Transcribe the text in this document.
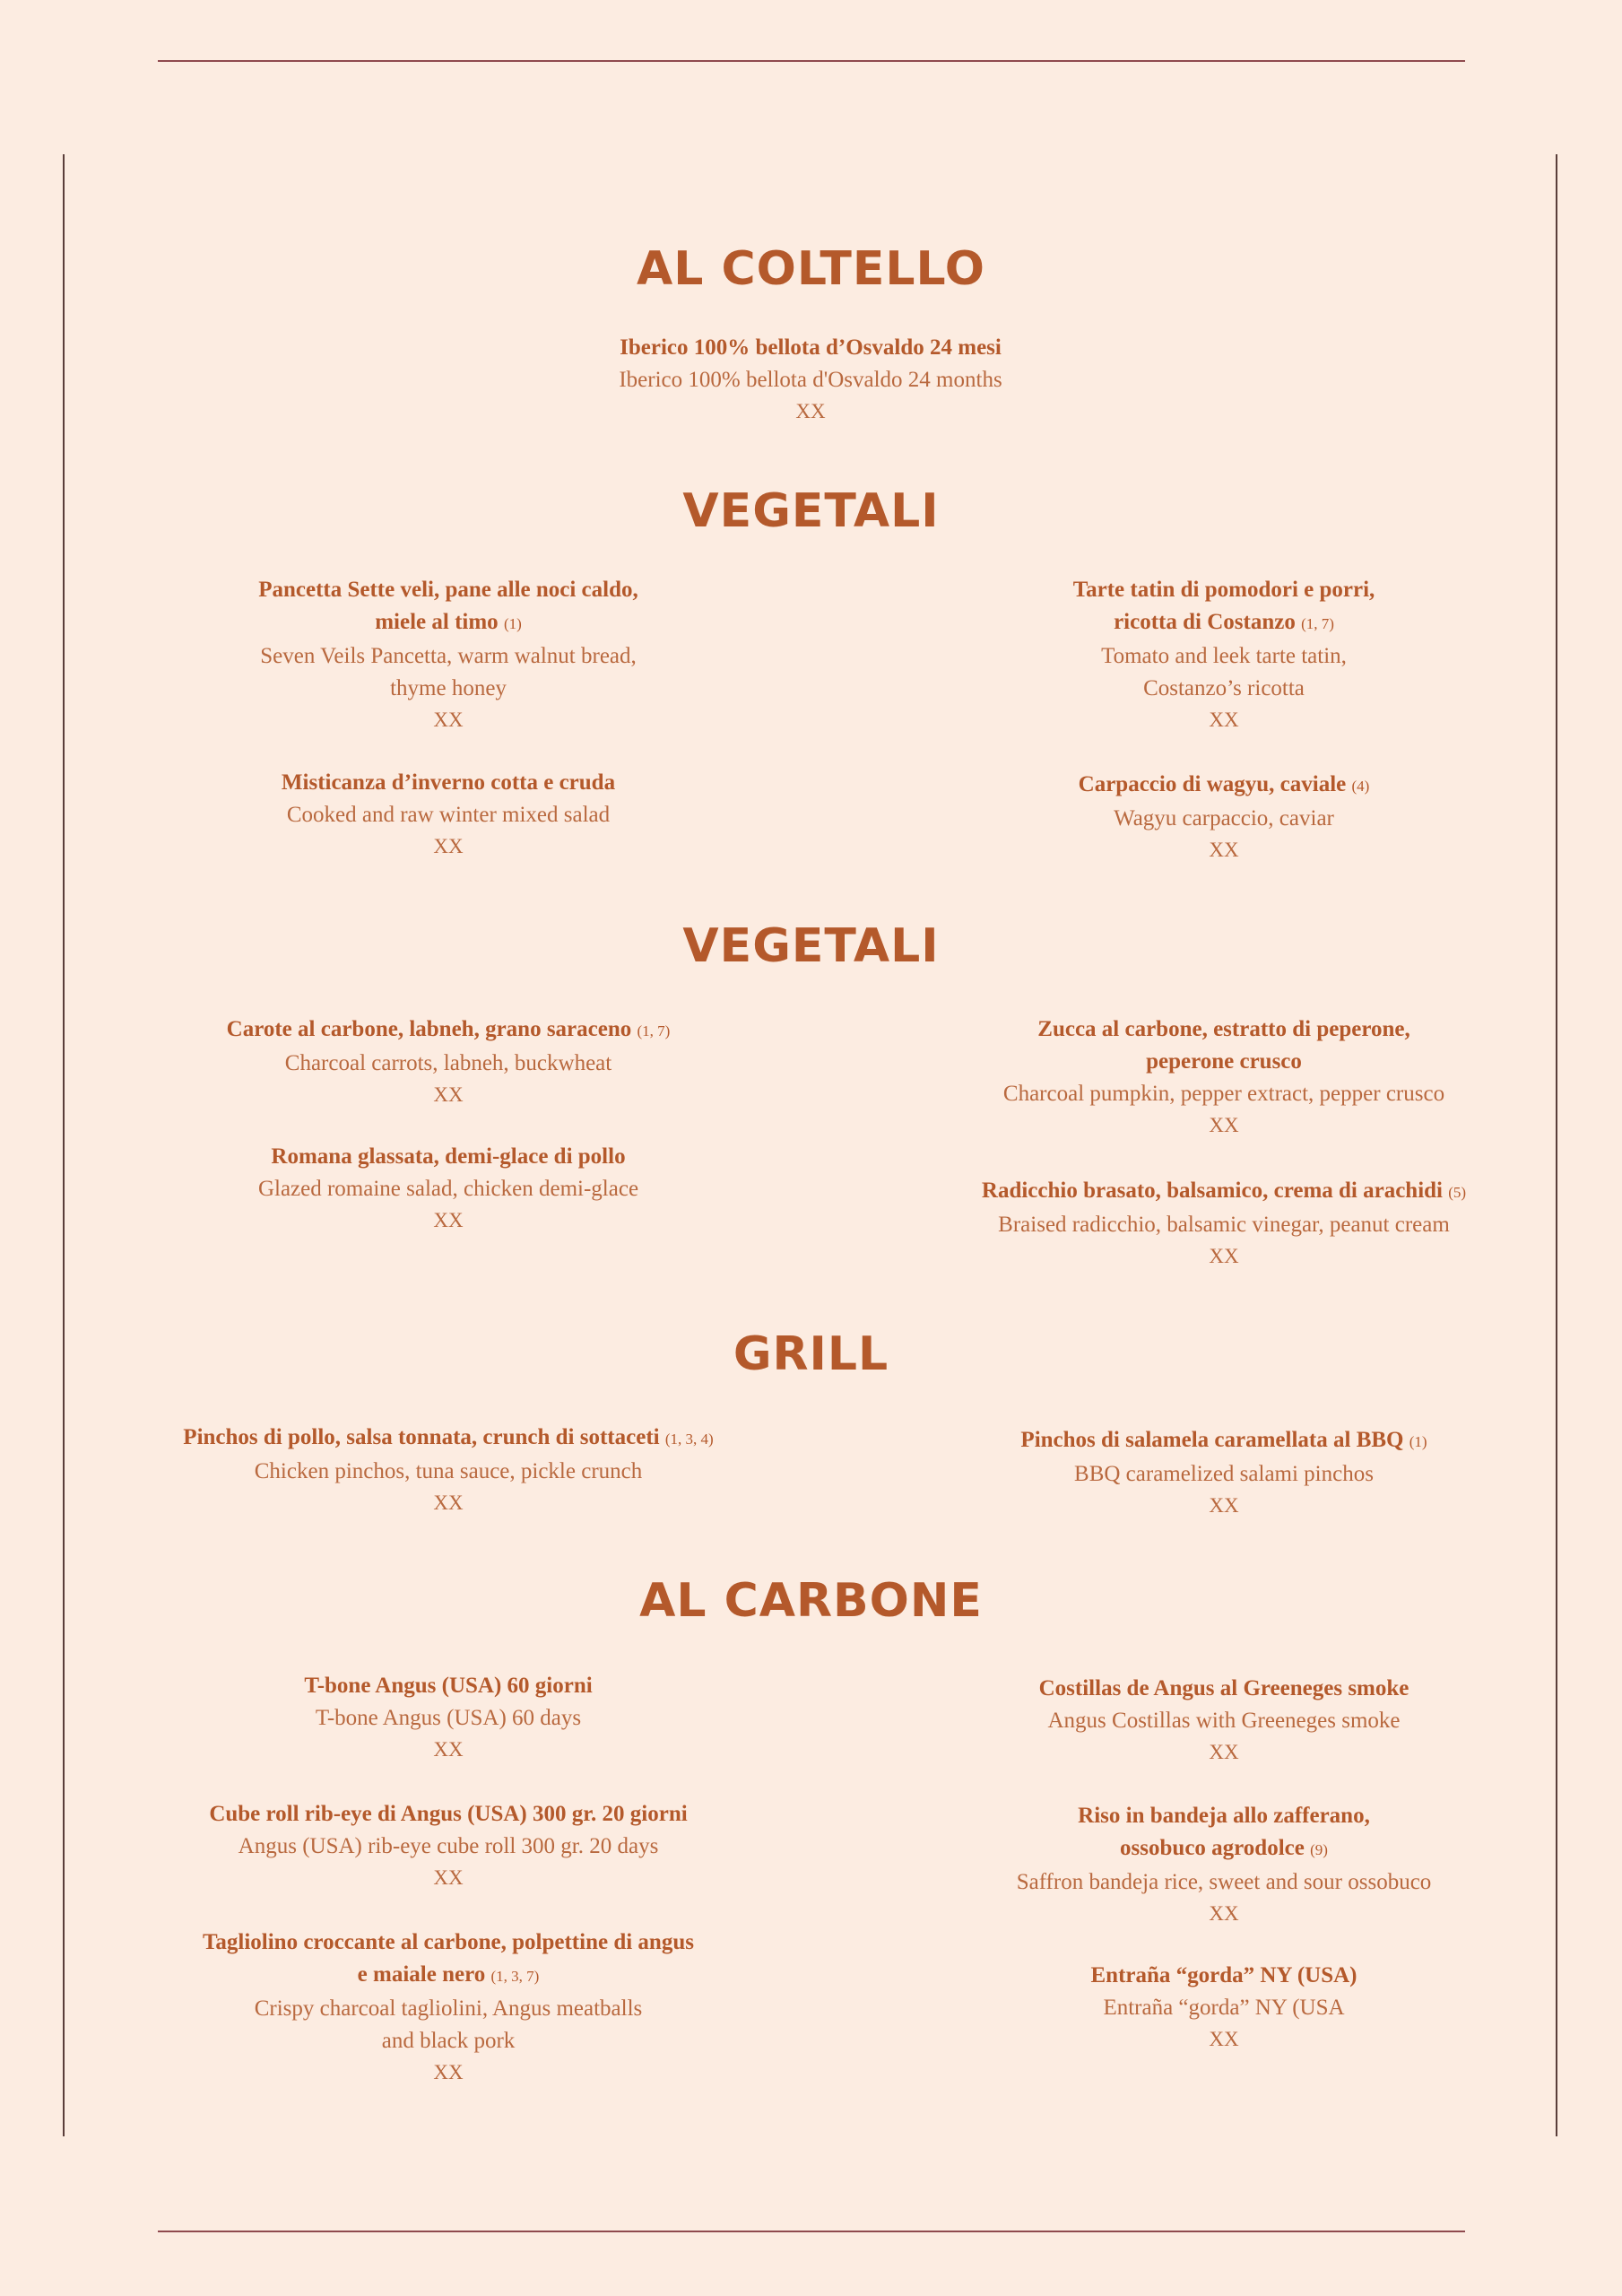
AL COLTELLO
Iberico 100% bellota d’Osvaldo 24 mesi
Iberico 100% bellota d'Osvaldo 24 months
XX
VEGETALI
Pancetta Sette veli, pane alle noci caldo,
miele al timo (1)
Seven Veils Pancetta, warm walnut bread,
thyme honey
XX
Tarte tatin di pomodori e porri,
ricotta di Costanzo (1, 7)
Tomato and leek tarte tatin,
Costanzo’s ricotta
XX
Misticanza d’inverno cotta e cruda
Cooked and raw winter mixed salad
XX
Carpaccio di wagyu, caviale (4)
Wagyu carpaccio, caviar
XX
VEGETALI
Carote al carbone, labneh, grano saraceno (1, 7)
Charcoal carrots, labneh, buckwheat
XX
Zucca al carbone, estratto di peperone,
peperone crusco
Charcoal pumpkin, pepper extract, pepper crusco
XX
Romana glassata, demi-glace di pollo
Glazed romaine salad, chicken demi-glace
XX
Radicchio brasato, balsamico, crema di arachidi (5)
Braised radicchio, balsamic vinegar, peanut cream
XX
GRILL
Pinchos di pollo, salsa tonnata, crunch di sottaceti (1, 3, 4)
Chicken pinchos, tuna sauce, pickle crunch
XX
Pinchos di salamela caramellata al BBQ (1)
BBQ caramelized salami pinchos
XX
AL CARBONE
T-bone Angus (USA) 60 giorni
T-bone Angus (USA) 60 days
XX
Costillas de Angus al Greeneges smoke
Angus Costillas with Greeneges smoke
XX
Cube roll rib-eye di Angus (USA) 300 gr. 20 giorni
Angus (USA) rib-eye cube roll 300 gr. 20 days
XX
Riso in bandeja allo zafferano,
ossobuco agrodolce (9)
Saffron bandeja rice, sweet and sour ossobuco
XX
Tagliolino croccante al carbone, polpettine di angus
e maiale nero (1, 3, 7)
Crispy charcoal tagliolini, Angus meatballs
and black pork
XX
Entraña “gorda” NY (USA)
Entraña “gorda” NY (USA
XX
